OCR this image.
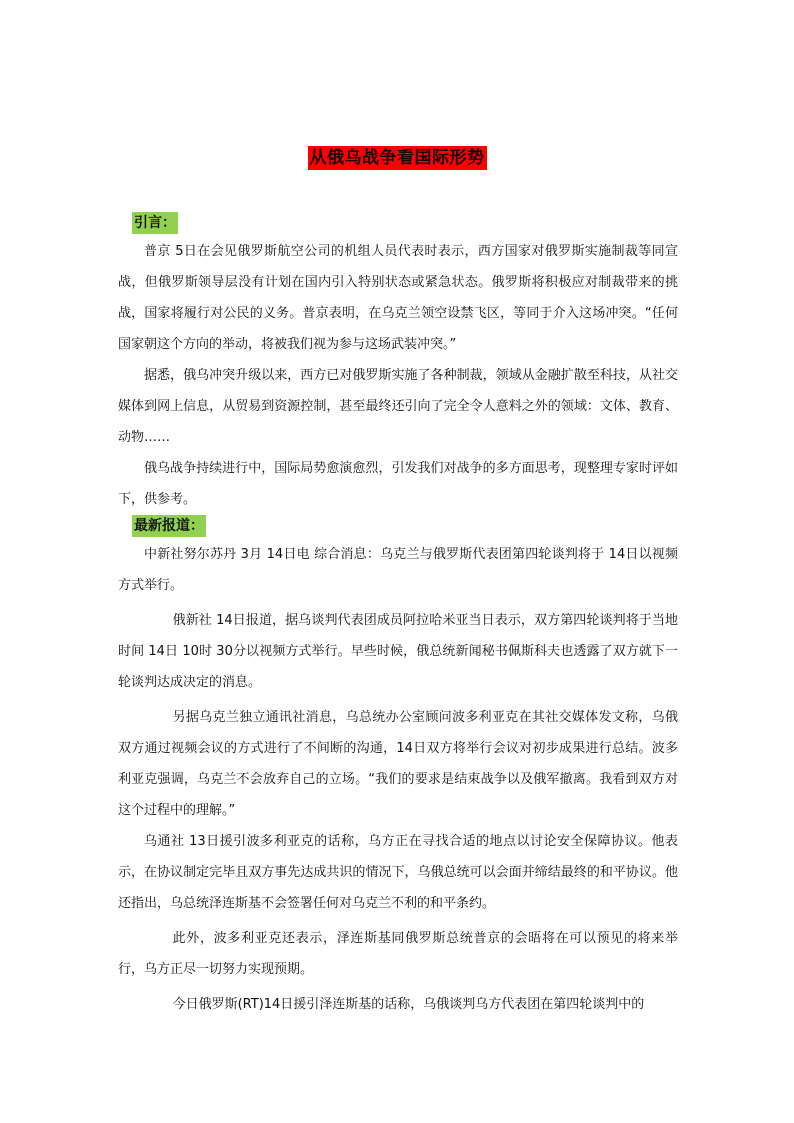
从俄乌战争看国际形势
引言：

普京 5日在会见俄罗斯航空公司的机组人员代表时表示，西方国家对俄罗斯实施制裁等同宣战，但俄罗斯领导层没有计划在国内引入特别状态或紧急状态。俄罗斯将积极应对制裁带来的挑战，国家将履行对公民的义务。普京表明，在乌克兰领空设禁飞区，等同于介入这场冲突。“任何国家朝这个方向的举动，将被我们视为参与这场武装冲突。”

据悉，俄乌冲突升级以来，西方已对俄罗斯实施了各种制裁，领域从金融扩散至科技，从社交媒体到网上信息，从贸易到资源控制，甚至最终还引向了完全令人意料之外的领域：文体、教育、动物……

俄乌战争持续进行中，国际局势愈演愈烈，引发我们对战争的多方面思考，现整理专家时评如下，供参考。

最新报道：

中新社努尔苏丹 3月 14日电 综合消息：乌克兰与俄罗斯代表团第四轮谈判将于 14日以视频方式举行。

俄新社 14日报道，据乌谈判代表团成员阿拉哈米亚当日表示，双方第四轮谈判将于当地时间 14日 10时 30分以视频方式举行。早些时候，俄总统新闻秘书佩斯科夫也透露了双方就下一轮谈判达成决定的消息。

另据乌克兰独立通讯社消息，乌总统办公室顾问波多利亚克在其社交媒体发文称，乌俄双方通过视频会议的方式进行了不间断的沟通，14日双方将举行会议对初步成果进行总结。波多利亚克强调，乌克兰不会放弃自己的立场。“我们的要求是结束战争以及俄军撤离。我看到双方对这个过程中的理解。”

乌通社 13日援引波多利亚克的话称，乌方正在寻找合适的地点以讨论安全保障协议。他表示，在协议制定完毕且双方事先达成共识的情况下，乌俄总统可以会面并缔结最终的和平协议。他还指出，乌总统泽连斯基不会签署任何对乌克兰不利的和平条约。

此外，波多利亚克还表示，泽连斯基同俄罗斯总统普京的会晤将在可以预见的将来举行，乌方正尽一切努力实现预期。

今日俄罗斯(RT)14日援引泽连斯基的话称，乌俄谈判乌方代表团在第四轮谈判中的
